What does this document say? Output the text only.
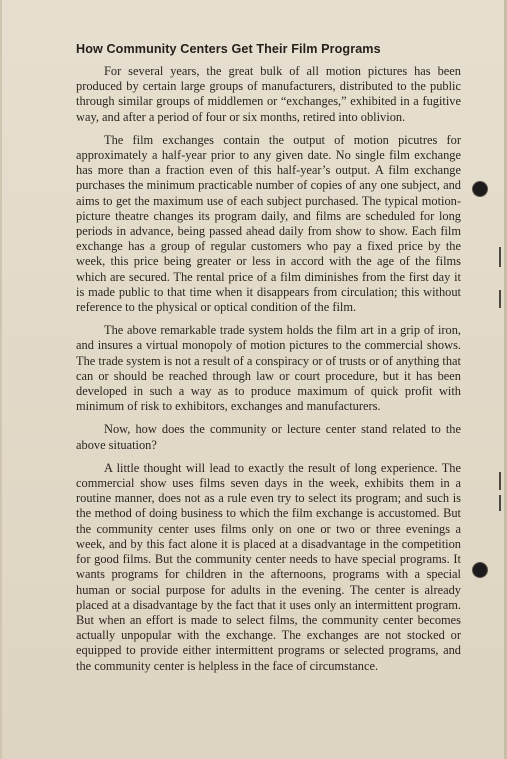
How Community Centers Get Their Film Programs

For several years, the great bulk of all motion pictures has been produced by certain large groups of manufacturers, distributed to the public through similar groups of middlemen or “exchanges,” exhibited in a fugitive way, and after a period of four or six months, retired into oblivion.

The film exchanges contain the output of motion picutres for approximately a half-year prior to any given date. No single film exchange has more than a fraction even of this half-year’s output. A film exchange purchases the minimum practicable number of copies of any one subject, and aims to get the maximum use of each subject purchased. The typical motion-picture theatre changes its program daily, and films are scheduled for long periods in advance, being passed ahead daily from show to show. Each film exchange has a group of regular customers who pay a fixed price by the week, this price being greater or less in accord with the age of the films which are secured. The rental price of a film diminishes from the first day it is made public to that time when it disappears from circulation; this without reference to the physical or optical condition of the film.

The above remarkable trade system holds the film art in a grip of iron, and insures a virtual monopoly of motion pictures to the commercial shows. The trade system is not a result of a conspiracy or of trusts or of anything that can or should be reached through law or court procedure, but it has been developed in such a way as to produce maximum of quick profit with minimum of risk to exhibitors, exchanges and manufacturers.

Now, how does the community or lecture center stand related to the above situation?

A little thought will lead to exactly the result of long experience. The commercial show uses films seven days in the week, exhibits them in a routine manner, does not as a rule even try to select its program; and such is the method of doing business to which the film exchange is accustomed. But the community center uses films only on one or two or three evenings a week, and by this fact alone it is placed at a disadvantage in the competition for good films. But the community center needs to have special programs. It wants programs for children in the afternoons, programs with a special human or social purpose for adults in the evening. The center is already placed at a disadvantage by the fact that it uses only an intermittent program. But when an effort is made to select films, the community center becomes actually unpopular with the exchange. The exchanges are not stocked or equipped to provide either intermittent programs or selected programs, and the community center is helpless in the face of circumstance.
